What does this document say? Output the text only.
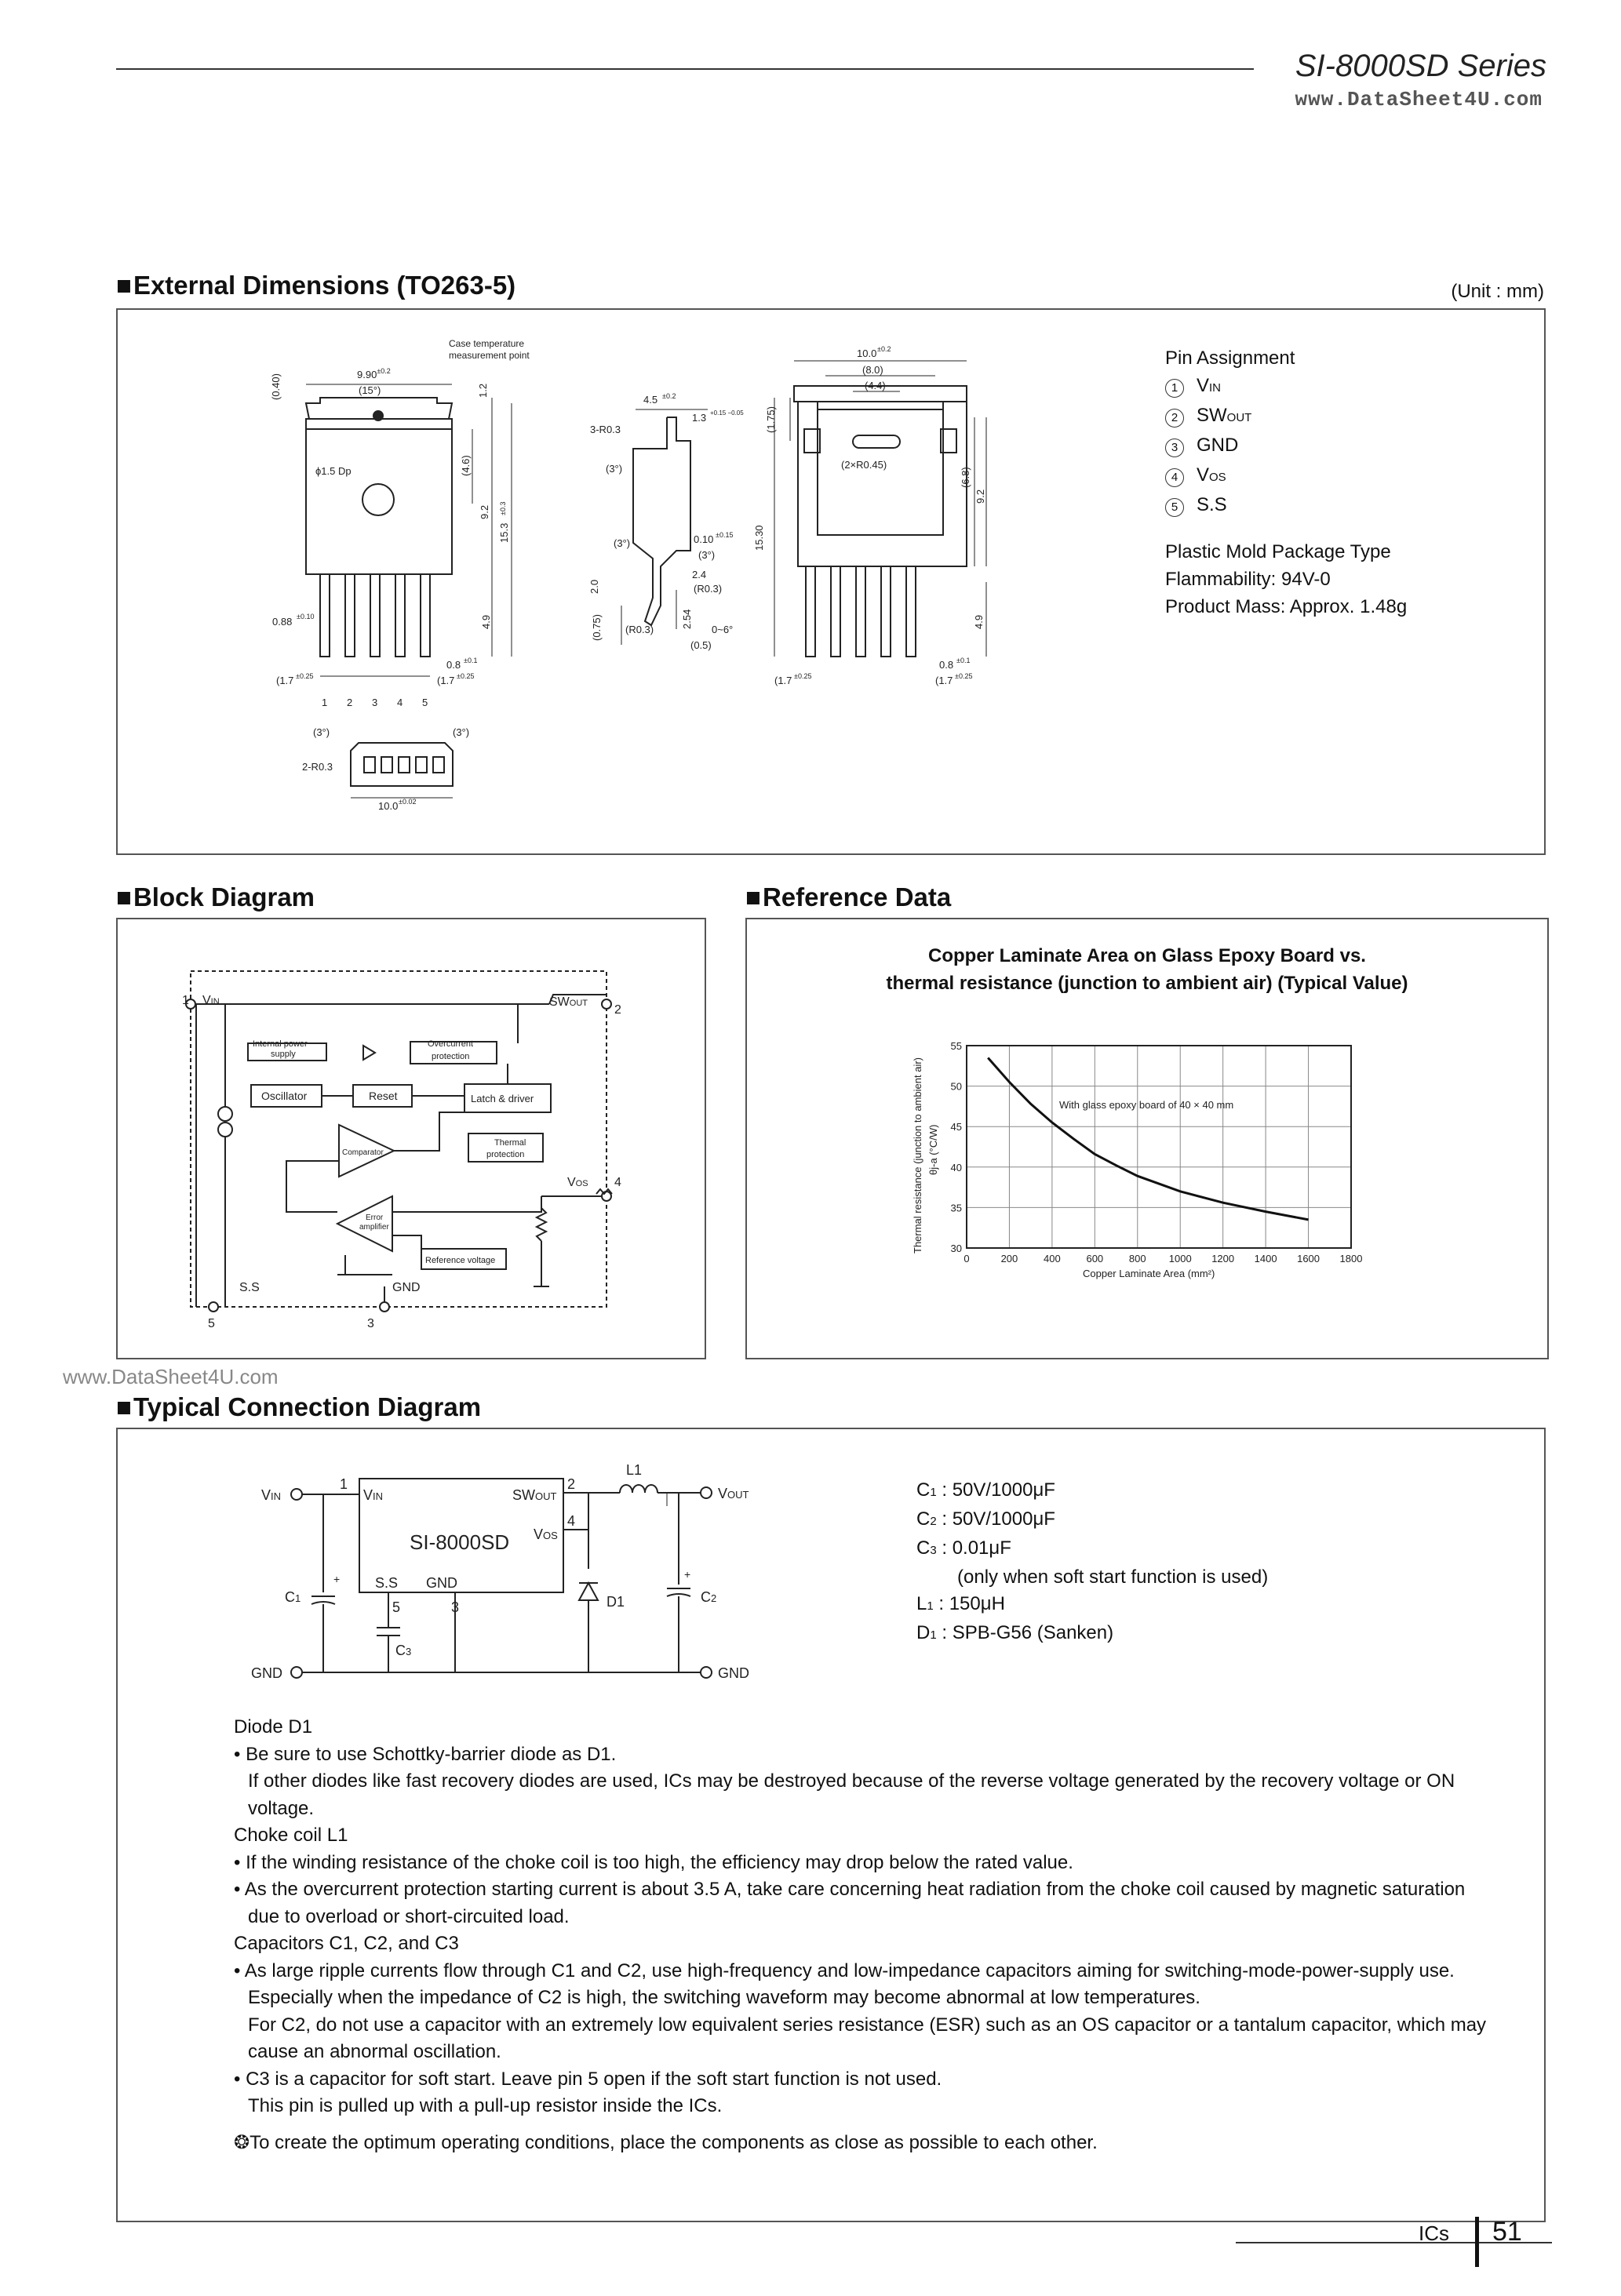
SI-8000SD Series
www.DataSheet4U.com
■ External Dimensions (TO263-5)	(Unit : mm)
$9.90^{\pm 0.2}$
(0.40)	(15°)
Case temperature
measurement point
1.2
ϕ1.5 Dp	(4.6)
9.2
15.3
±0.3
0.88 ±0.10	4.9
0.8 ±0.1
(1.7 ±0.25	(1.7 ±0.25
1 2 3 4 5
4.5 ±0.2
1.3 +0.15 −0.05
3-R0.3
(3°)
(3°)
2.0
0.10 ±0.15
(3°)
2.4
(R0.3)
(R0.3)
2.54
(0.75)	0~6°
(0.5)
10.0 ±0.2
(8.0)
(4.4)
(1.75)
(2×R0.45)
(6.8)
9.2
15.30
4.9
0.8 ±0.1
(1.7 ±0.25	(1.7 ±0.25
(3°)	(3°)
2-R0.3
10.0 ±0.02
Pin Assignment
1 VIN
2 SWOUT
3 GND
4 VOS
5 S.S
Plastic Mold Package Type
Flammability: 94V-0
Product Mass: Approx. 1.48g
■ Block Diagram
1 VIN	SWOUT 2
VOS 4
S.S
5
GND
3
Internal power
supply
Overcurrent
protection
Oscillator	Reset	Latch & driver
Thermal
protection
Comparator
Error
amplifier
Reference voltage
■ Reference Data
Copper Laminate Area on Glass Epoxy Board vs.
thermal resistance (junction to ambient air) (Typical Value)
0	200	400	600	800 1000 1200 1400 1600 1800
30
35
40
45
50
55
With glass epoxy board of 40 × 40 mm
Copper Laminate Area (mm²)
Thermal resistance (junction to ambient air) θj-a (°C/W)
www.DataSheet4U.com
■ Typical Connection Diagram
VIN
1
VIN	SWOUT
2
4
VOS
SI-8000SD
S.S GND
5	3
C3
L1
D1
C1
+
C2
+
VOUT
GND	GND
C1 : 50V/1000μF
C2 : 50V/1000μF
C3 : 0.01μF
(only when soft start function is used)
L1 : 150μH
D1 : SPB-G56 (Sanken)
Diode D1
• Be sure to use Schottky-barrier diode as D1.
If other diodes like fast recovery diodes are used, ICs may be destroyed because of the reverse voltage generated by the recovery voltage or ON voltage.
Choke coil L1
• If the winding resistance of the choke coil is too high, the efficiency may drop below the rated value.
• As the overcurrent protection starting current is about 3.5 A, take care concerning heat radiation from the choke coil caused by magnetic saturation due to overload or short-circuited load.
Capacitors C1, C2, and C3
• As large ripple currents flow through C1 and C2, use high-frequency and low-impedance capacitors aiming for switching-mode-power-supply use.
Especially when the impedance of C2 is high, the switching waveform may become abnormal at low temperatures.
For C2, do not use a capacitor with an extremely low equivalent series resistance (ESR) such as an OS capacitor or a tantalum capacitor, which may cause an abnormal oscillation.
• C3 is a capacitor for soft start. Leave pin 5 open if the soft start function is not used.
This pin is pulled up with a pull-up resistor inside the ICs.
❂To create the optimum operating conditions, place the components as close as possible to each other.
ICs 51
